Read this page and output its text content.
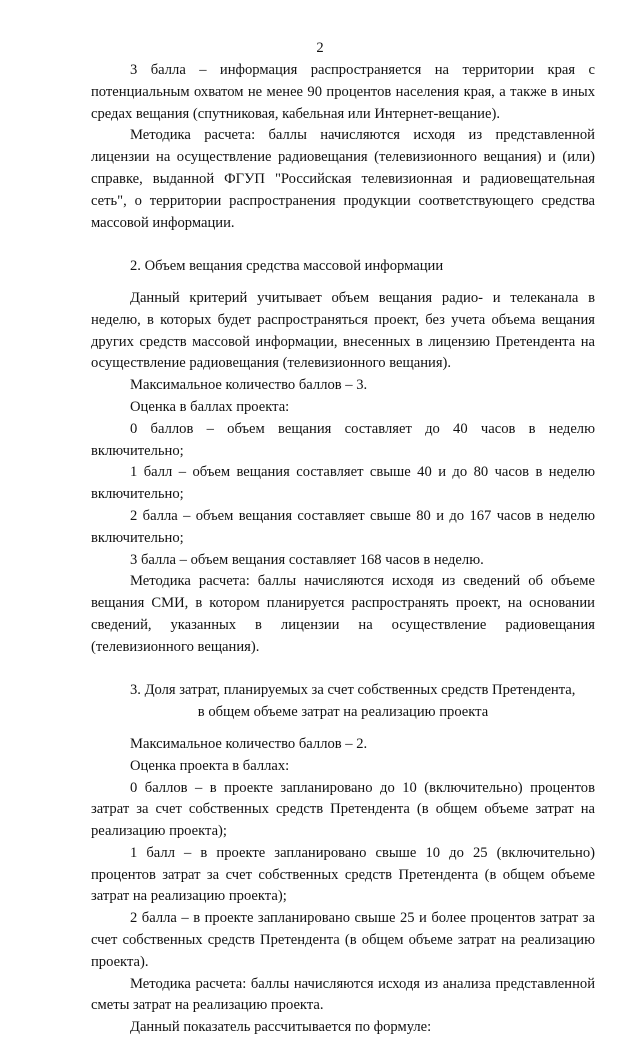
2

3 балла – информация распространяется на территории края с потенциальным охватом не менее 90 процентов населения края, а также в иных средах вещания (спутниковая, кабельная или Интернет-вещание).

Методика расчета: баллы начисляются исходя из представленной лицензии на осуществление радиовещания (телевизионного вещания) и (или) справке, выданной ФГУП "Российская телевизионная и радиовещательная сеть", о территории распространения продукции соответствующего средства массовой информации.

2. Объем вещания средства массовой информации

Данный критерий учитывает объем вещания радио- и телеканала в неделю, в которых будет распространяться проект, без учета объема вещания других средств массовой информации, внесенных в лицензию Претендента на осуществление радиовещания (телевизионного вещания).

Максимальное количество баллов – 3.

Оценка в баллах проекта:

0 баллов – объем вещания составляет до 40 часов в неделю включительно;

1 балл – объем вещания составляет свыше 40 и до 80 часов в неделю включительно;

2 балла – объем вещания составляет свыше 80 и до 167 часов в неделю включительно;

3 балла – объем вещания составляет 168 часов в неделю.

Методика расчета: баллы начисляются исходя из сведений об объеме вещания СМИ, в котором планируется распространять проект, на основании сведений, указанных в лицензии на осуществление радиовещания (телевизионного вещания).

3. Доля затрат, планируемых за счет собственных средств Претендента,

в общем объеме затрат на реализацию проекта

Максимальное количество баллов – 2.

Оценка проекта в баллах:

0 баллов – в проекте запланировано до 10 (включительно) процентов затрат за счет собственных средств Претендента (в общем объеме затрат на реализацию проекта);

1 балл – в проекте запланировано свыше 10 до 25 (включительно) процентов затрат за счет собственных средств Претендента (в общем объеме затрат на реализацию проекта);

2 балла – в проекте запланировано свыше 25 и более процентов затрат за счет собственных средств Претендента (в общем объеме затрат на реализацию проекта).

Методика расчета: баллы начисляются исходя из анализа представленной сметы затрат на реализацию проекта.

Данный показатель рассчитывается по формуле:
